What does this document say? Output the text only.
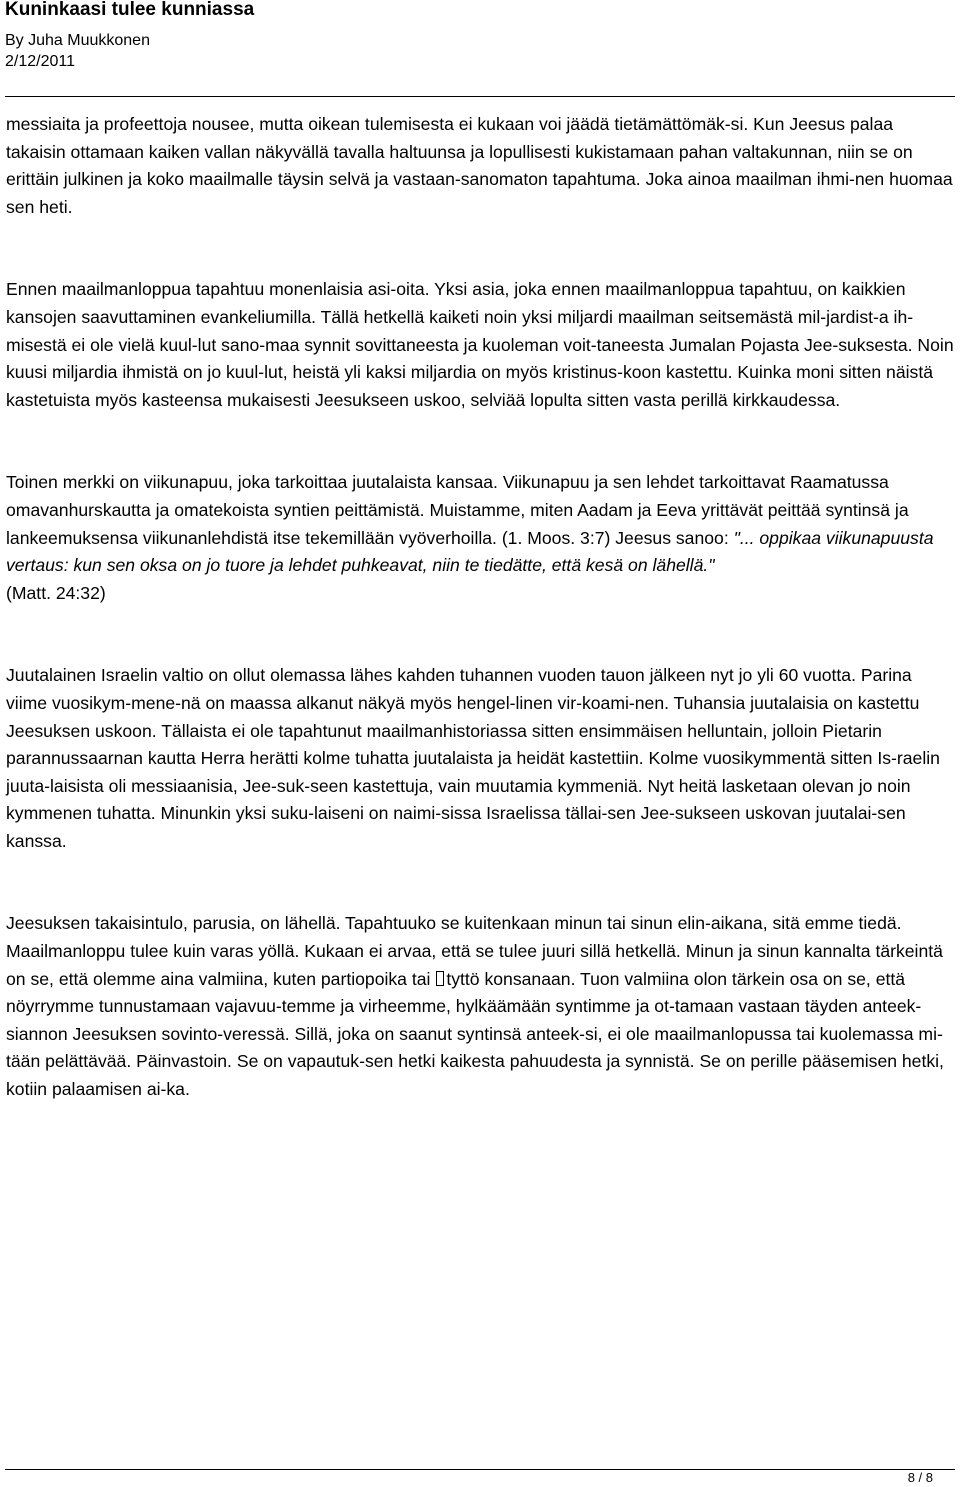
Kuninkaasi tulee kunniassa
By Juha Muukkonen
2/12/2011

messiaita ja profeettoja nousee, mutta oikean tulemisesta ei kukaan voi jäädä tietämättömäk-si. Kun Jeesus palaa takaisin ottamaan kaiken vallan näkyvällä tavalla haltuunsa ja lopullisesti kukistamaan pahan valtakunnan, niin se on erittäin julkinen ja koko maailmalle täysin selvä ja vastaan-sanomaton tapahtuma. Joka ainoa maailman ihmi-nen huomaa sen heti.

Ennen maailmanloppua tapahtuu monenlaisia asi-oita. Yksi asia, joka ennen maailmanloppua tapahtuu, on kaikkien kansojen saavuttaminen evankeliumilla. Tällä hetkellä kaiketi noin yksi miljardi maailman seitsemästä mil-jardist-a ih-misestä ei ole vielä kuul-lut sano-maa synnit sovittaneesta ja kuoleman voit-taneesta Jumalan Pojasta Jee-suksesta. Noin kuusi miljardia ihmistä on jo kuul-lut, heistä yli kaksi miljardia on myös kristinus-koon kastettu. Kuinka moni sitten näistä kastetuista myös kasteensa mukaisesti Jeesukseen uskoo, selviää lopulta sitten vasta perillä kirkkaudessa.

Toinen merkki on viikunapuu, joka tarkoittaa juutalaista kansaa. Viikunapuu ja sen lehdet tarkoittavat Raamatussa omavanhurskautta ja omatekoista syntien peittämistä. Muistamme, miten Aadam ja Eeva yrittävät peittää syntinsä ja lankeemuksensa viikunanlehdistä itse tekemillään vyöverhoilla. (1. Moos. 3:7) Jeesus sanoo: "... oppikaa viikunapuusta vertaus: kun sen oksa on jo tuore ja lehdet puhkeavat, niin te tiedätte, että kesä on lähellä."
(Matt. 24:32)

Juutalainen Israelin valtio on ollut olemassa lähes kahden tuhannen vuoden tauon jälkeen nyt jo yli 60 vuotta. Parina viime vuosikym-mene-nä on maassa alkanut näkyä myös hengel-linen vir-koami-nen. Tuhansia juutalaisia on kastettu Jeesuksen uskoon. Tällaista ei ole tapahtunut maailmanhistoriassa sitten ensimmäisen helluntain, jolloin Pietarin parannussaarnan kautta Herra herätti kolme tuhatta juutalaista ja heidät kastettiin. Kolme vuosikymmentä sitten Is-raelin juuta-laisista oli messiaanisia, Jee-suk-seen kastettuja, vain muutamia kymmeniä. Nyt heitä lasketaan olevan jo noin kymmenen tuhatta. Minunkin yksi suku-laiseni on naimi-sissa Israelissa tällai-sen Jee-sukseen uskovan juutalai-sen kanssa.

Jeesuksen takaisintulo, parusia, on lähellä. Tapahtuuko se kuitenkaan minun tai sinun elin-aikana, sitä emme tiedä. Maailmanloppu tulee kuin varas yöllä. Kukaan ei arvaa, että se tulee juuri sillä hetkellä. Minun ja sinun kannalta tärkeintä on se, että olemme aina valmiina, kuten partiopoika tai tyttö konsanaan. Tuon valmiina olon tärkein osa on se, että nöyrrymme tunnustamaan vajavuu-temme ja virheemme, hylkäämään syntimme ja ot-tamaan vastaan täyden anteek-siannon Jeesuksen sovinto-veressä. Sillä, joka on saanut syntinsä anteek-si, ei ole maailmanlopussa tai kuolemassa mi-tään pelättävää. Päinvastoin. Se on vapautuk-sen hetki kaikesta pahuudesta ja synnistä. Se on perille pääsemisen hetki, kotiin palaamisen ai-ka.

8 / 8
